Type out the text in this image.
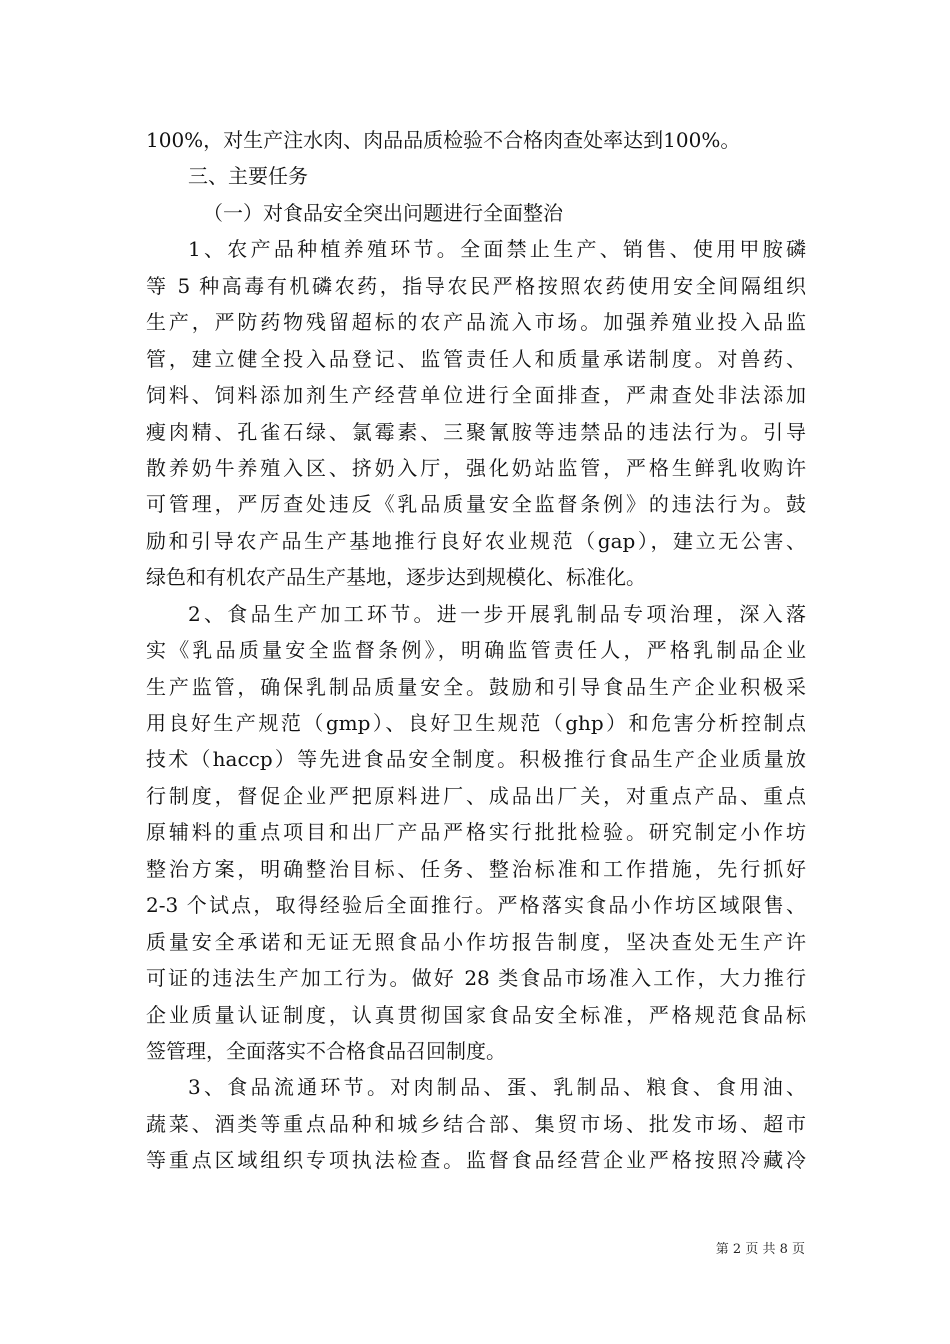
100%，对生产注水肉、肉品品质检验不合格肉查处率达到100%。
三、主要任务
（一）对食品安全突出问题进行全面整治
1、农产品种植养殖环节。全面禁止生产、销售、使用甲胺磷
等 5 种高毒有机磷农药，指导农民严格按照农药使用安全间隔组织
生产，严防药物残留超标的农产品流入市场。加强养殖业投入品监
管，建立健全投入品登记、监管责任人和质量承诺制度。对兽药、
饲料、饲料添加剂生产经营单位进行全面排查，严肃查处非法添加
瘦肉精、孔雀石绿、氯霉素、三聚氰胺等违禁品的违法行为。引导
散养奶牛养殖入区、挤奶入厅，强化奶站监管，严格生鲜乳收购许
可管理，严厉查处违反《乳品质量安全监督条例》的违法行为。鼓
励和引导农产品生产基地推行良好农业规范（gap），建立无公害、
绿色和有机农产品生产基地，逐步达到规模化、标准化。
2、食品生产加工环节。进一步开展乳制品专项治理，深入落
实《乳品质量安全监督条例》，明确监管责任人，严格乳制品企业
生产监管，确保乳制品质量安全。鼓励和引导食品生产企业积极采
用良好生产规范（gmp）、良好卫生规范（ghp）和危害分析控制点
技术（haccp）等先进食品安全制度。积极推行食品生产企业质量放
行制度，督促企业严把原料进厂、成品出厂关，对重点产品、重点
原辅料的重点项目和出厂产品严格实行批批检验。研究制定小作坊
整治方案，明确整治目标、任务、整治标准和工作措施，先行抓好
2-3 个试点，取得经验后全面推行。严格落实食品小作坊区域限售、
质量安全承诺和无证无照食品小作坊报告制度，坚决查处无生产许
可证的违法生产加工行为。做好 28 类食品市场准入工作，大力推行
企业质量认证制度，认真贯彻国家食品安全标准，严格规范食品标
签管理，全面落实不合格食品召回制度。
3、食品流通环节。对肉制品、蛋、乳制品、粮食、食用油、
蔬菜、酒类等重点品种和城乡结合部、集贸市场、批发市场、超市
等重点区域组织专项执法检查。监督食品经营企业严格按照冷藏冷
第 2 页 共 8 页
